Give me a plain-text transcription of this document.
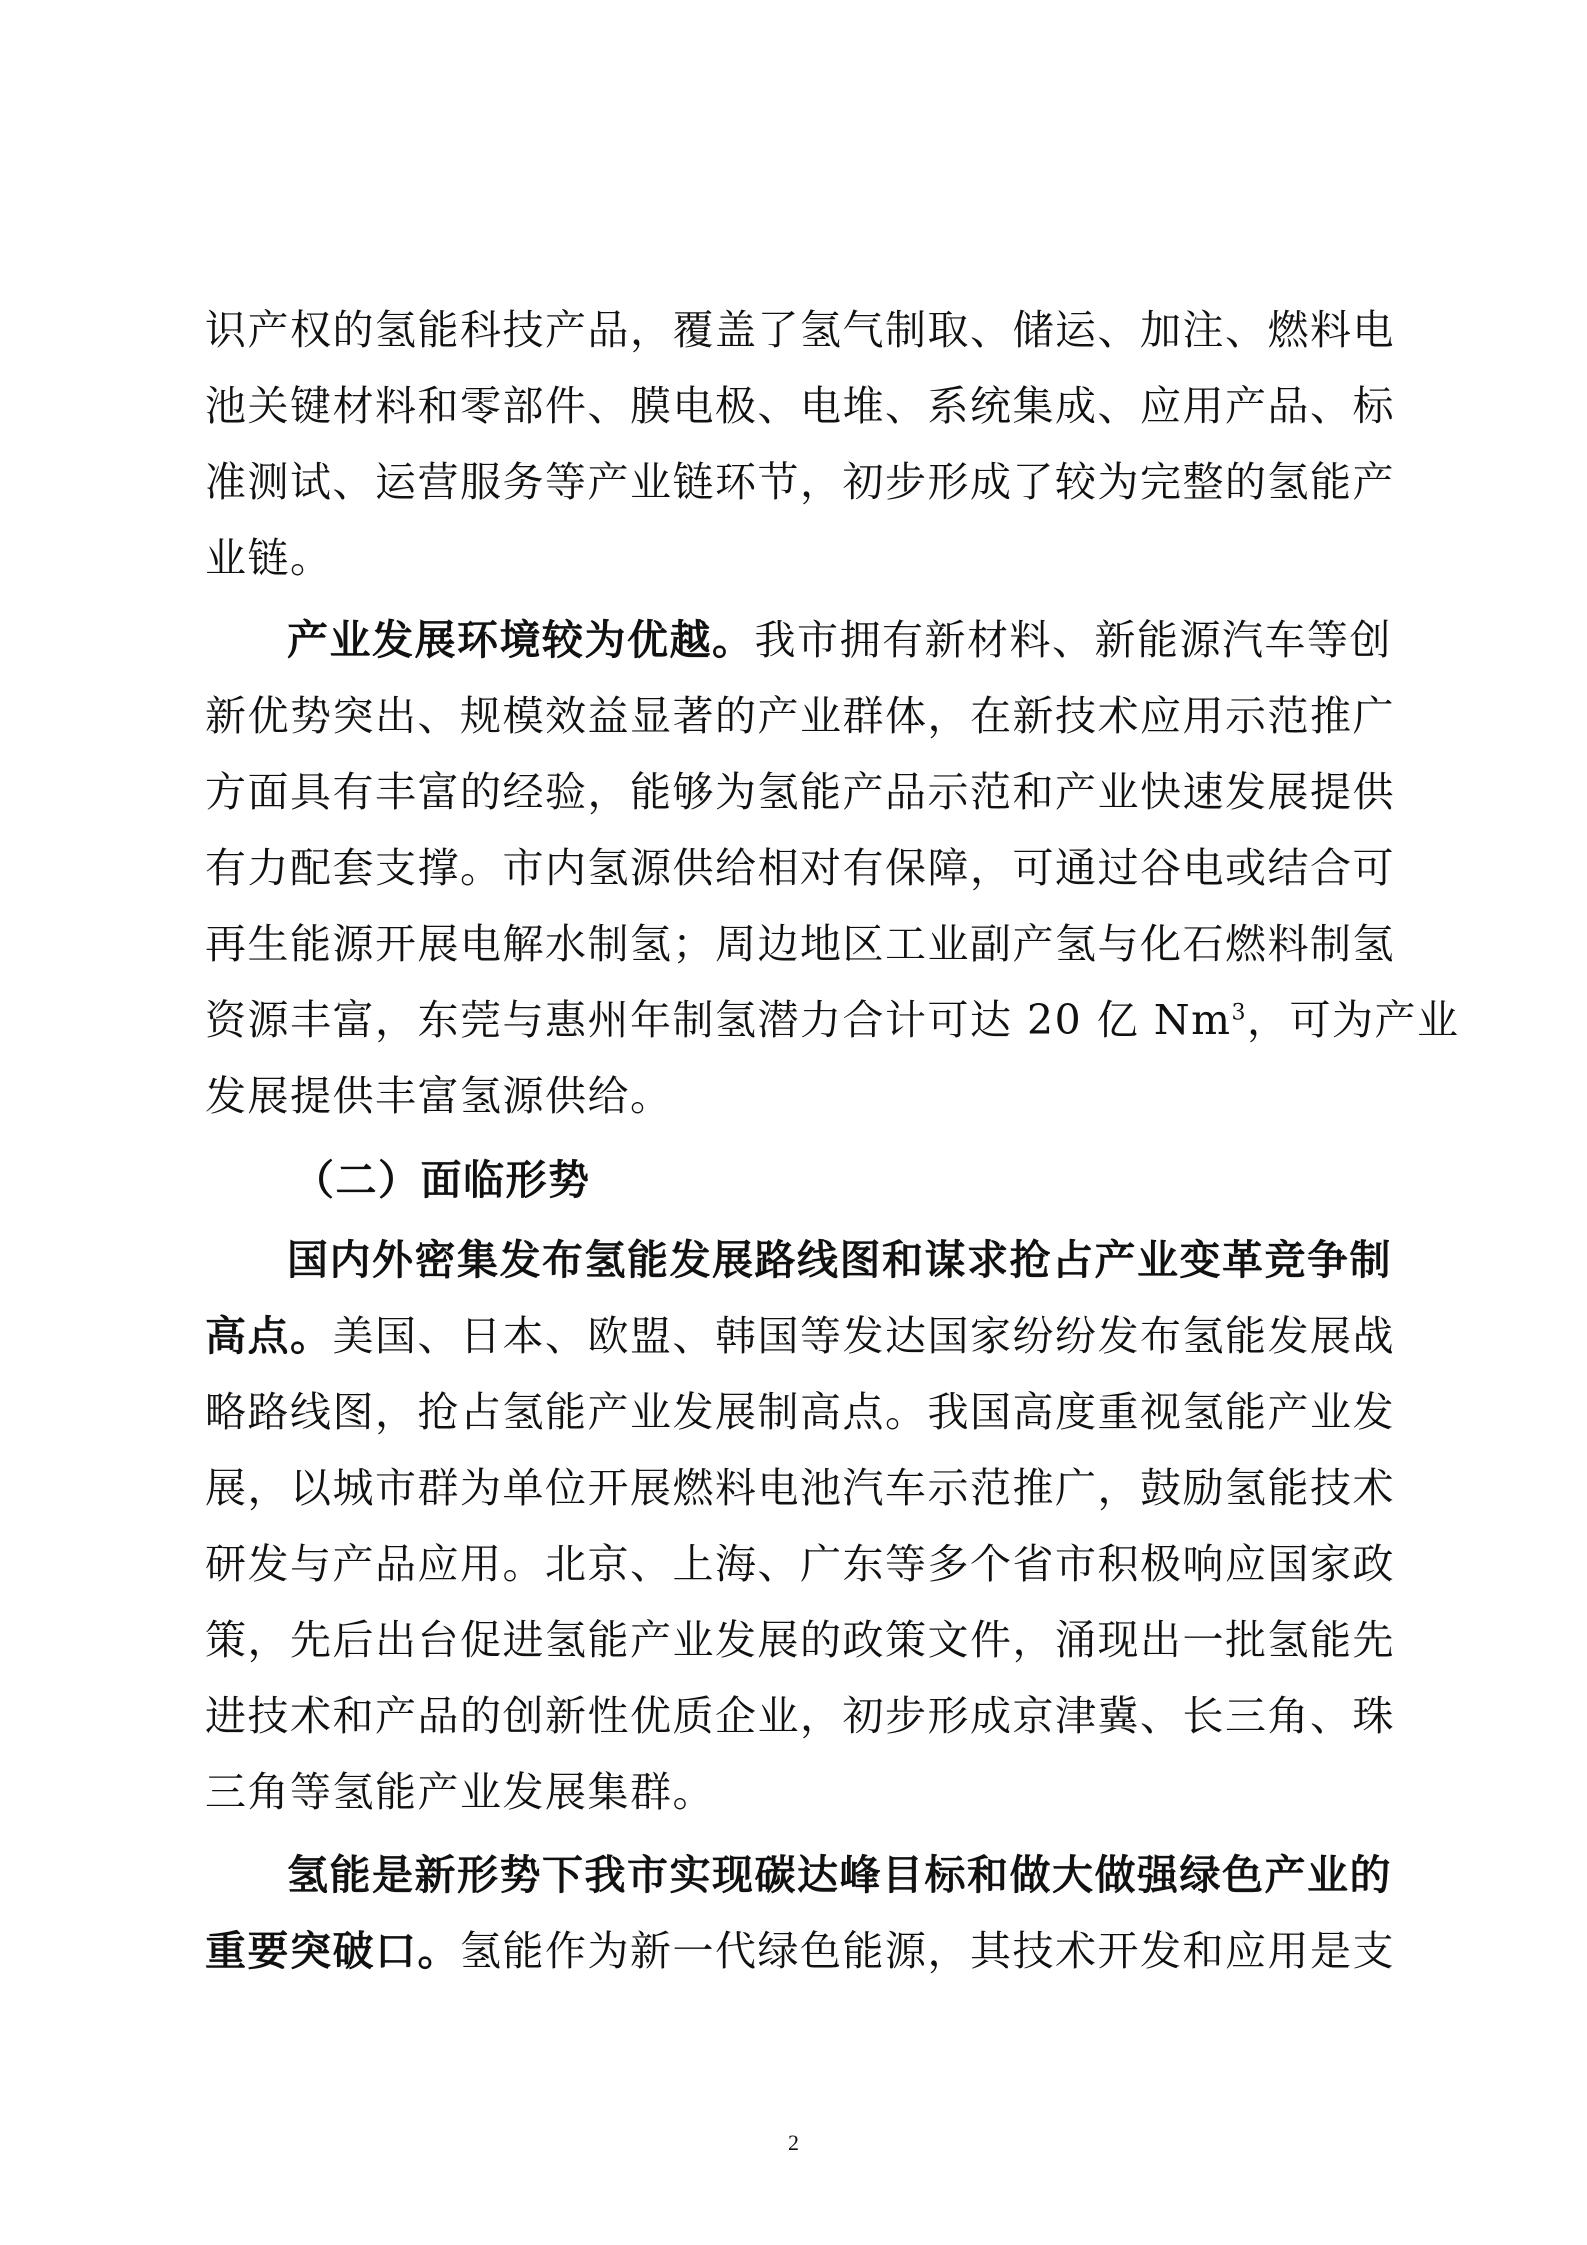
识产权的氢能科技产品，覆盖了氢气制取、储运、加注、燃料电
池关键材料和零部件、膜电极、电堆、系统集成、应用产品、标
准测试、运营服务等产业链环节，初步形成了较为完整的氢能产
业链。
产业发展环境较为优越。我市拥有新材料、新能源汽车等创
新优势突出、规模效益显著的产业群体，在新技术应用示范推广
方面具有丰富的经验，能够为氢能产品示范和产业快速发展提供
有力配套支撑。市内氢源供给相对有保障，可通过谷电或结合可
再生能源开展电解水制氢；周边地区工业副产氢与化石燃料制氢
资源丰富，东莞与惠州年制氢潜力合计可达 20 亿 Nm$^3$，可为产业
发展提供丰富氢源供给。
（二）面临形势
国内外密集发布氢能发展路线图和谋求抢占产业变革竞争制
高点。美国、日本、欧盟、韩国等发达国家纷纷发布氢能发展战
略路线图，抢占氢能产业发展制高点。我国高度重视氢能产业发
展，以城市群为单位开展燃料电池汽车示范推广，鼓励氢能技术
研发与产品应用。北京、上海、广东等多个省市积极响应国家政
策，先后出台促进氢能产业发展的政策文件，涌现出一批氢能先
进技术和产品的创新性优质企业，初步形成京津冀、长三角、珠
三角等氢能产业发展集群。
氢能是新形势下我市实现碳达峰目标和做大做强绿色产业的
重要突破口。氢能作为新一代绿色能源，其技术开发和应用是支
2
